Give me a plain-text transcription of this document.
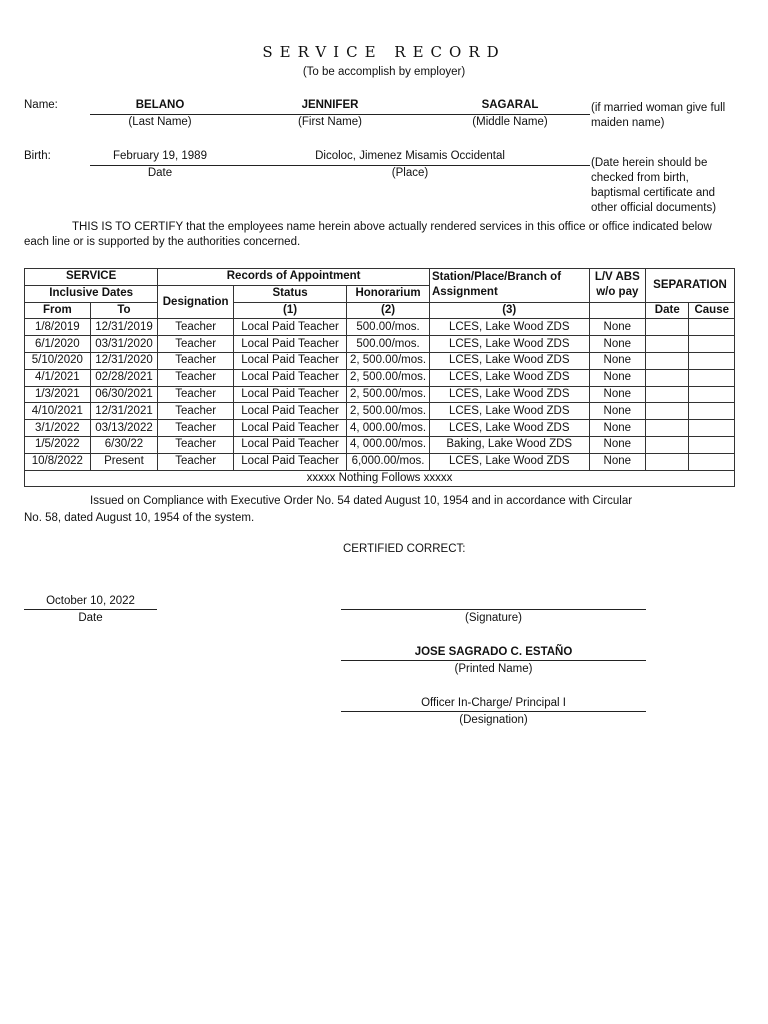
SERVICE RECORD
(To be accomplish by employer)
Name:	BELANO	JENNIFER	SAGARAL
(Last Name)	(First Name)	(Middle Name)
(if married woman give full maiden name)
Birth:	February 19, 1989	Dicoloc, Jimenez Misamis Occidental
Date	(Place)
(Date herein should be checked from birth, baptismal certificate and other official documents)
THIS IS TO CERTIFY that the employees name herein above actually rendered services in this office or office indicated below each line or is supported by the authorities concerned.
SERVICE		Records of Appointment			Station/Place/Branch of Assignment	L/V ABS w/o pay	SEPARATION	
Inclusive Dates		Designation	Status	Honorarium				
From	To		(1)	(2)	(3)		Date	Cause
1/8/2019	12/31/2019	Teacher	Local Paid Teacher	500.00/mos.	LCES, Lake Wood ZDS	None		
6/1/2020	03/31/2020	Teacher	Local Paid Teacher	500.00/mos.	LCES, Lake Wood ZDS	None		
5/10/2020	12/31/2020	Teacher	Local Paid Teacher	2, 500.00/mos.	LCES, Lake Wood ZDS	None		
4/1/2021	02/28/2021	Teacher	Local Paid Teacher	2, 500.00/mos.	LCES, Lake Wood ZDS	None		
1/3/2021	06/30/2021	Teacher	Local Paid Teacher	2, 500.00/mos.	LCES, Lake Wood ZDS	None		
4/10/2021	12/31/2021	Teacher	Local Paid Teacher	2, 500.00/mos.	LCES, Lake Wood ZDS	None		
3/1/2022	03/13/2022	Teacher	Local Paid Teacher	4, 000.00/mos.	LCES, Lake Wood ZDS	None		
1/5/2022	6/30/22	Teacher	Local Paid Teacher	4, 000.00/mos.	Baking, Lake Wood ZDS	None		
10/8/2022	Present	Teacher	Local Paid Teacher	6,000.00/mos.	LCES, Lake Wood ZDS	None		
xxxxx Nothing Follows xxxxx								
Issued on Compliance with Executive Order No. 54 dated August 10, 1954 and in accordance with Circular No. 58, dated August 10, 1954 of the system.
CERTIFIED CORRECT:
October 10, 2022
Date	(Signature)
JOSE SAGRADO C. ESTAÑO
(Printed Name)
Officer In-Charge/ Principal I
(Designation)
